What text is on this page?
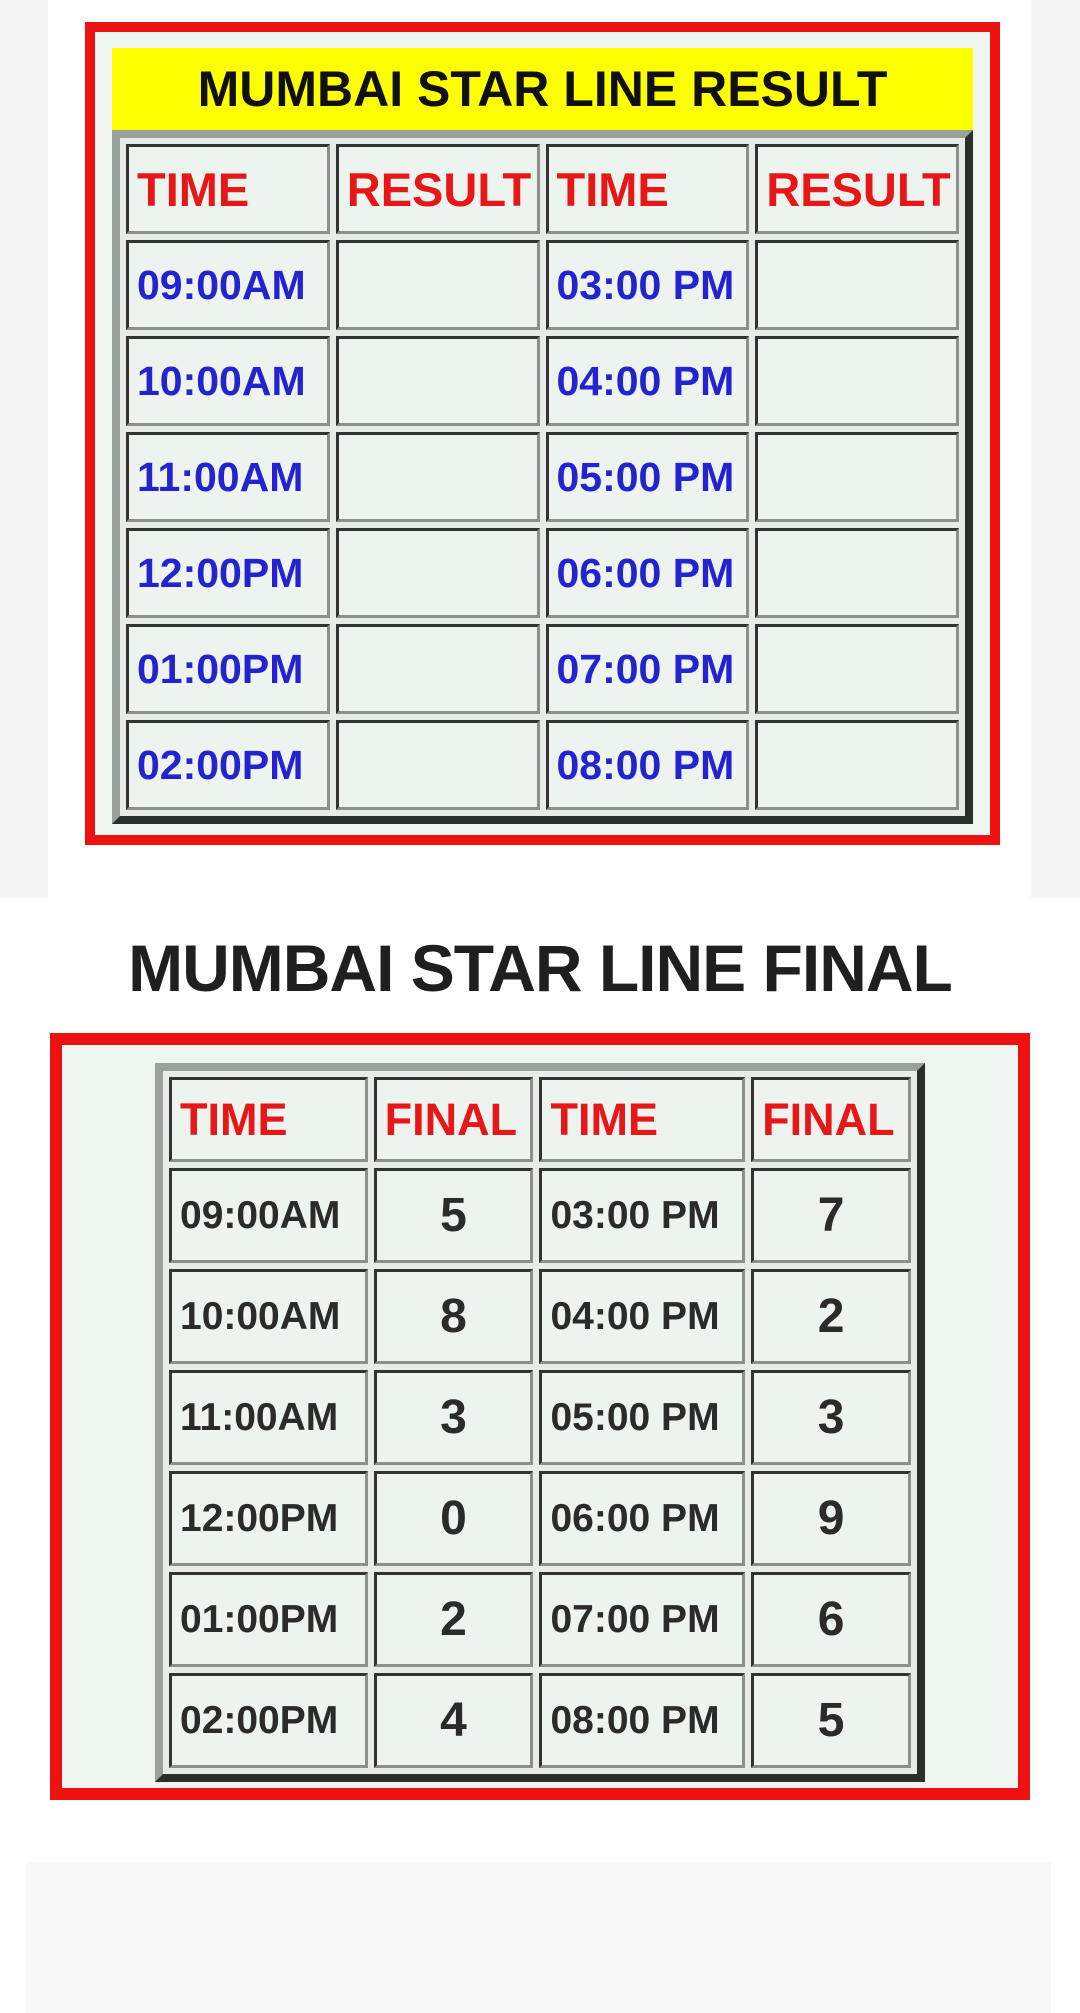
MUMBAI STAR LINE RESULT
TIME	RESULT	TIME	RESULT
09:00AM		03:00 PM	
10:00AM		04:00 PM	
11:00AM		05:00 PM	
12:00PM		06:00 PM	
01:00PM		07:00 PM	
02:00PM		08:00 PM	
MUMBAI STAR LINE FINAL
TIME	FINAL	TIME	FINAL
09:00AM	5	03:00 PM	7
10:00AM	8	04:00 PM	2
11:00AM	3	05:00 PM	3
12:00PM	0	06:00 PM	9
01:00PM	2	07:00 PM	6
02:00PM	4	08:00 PM	5
